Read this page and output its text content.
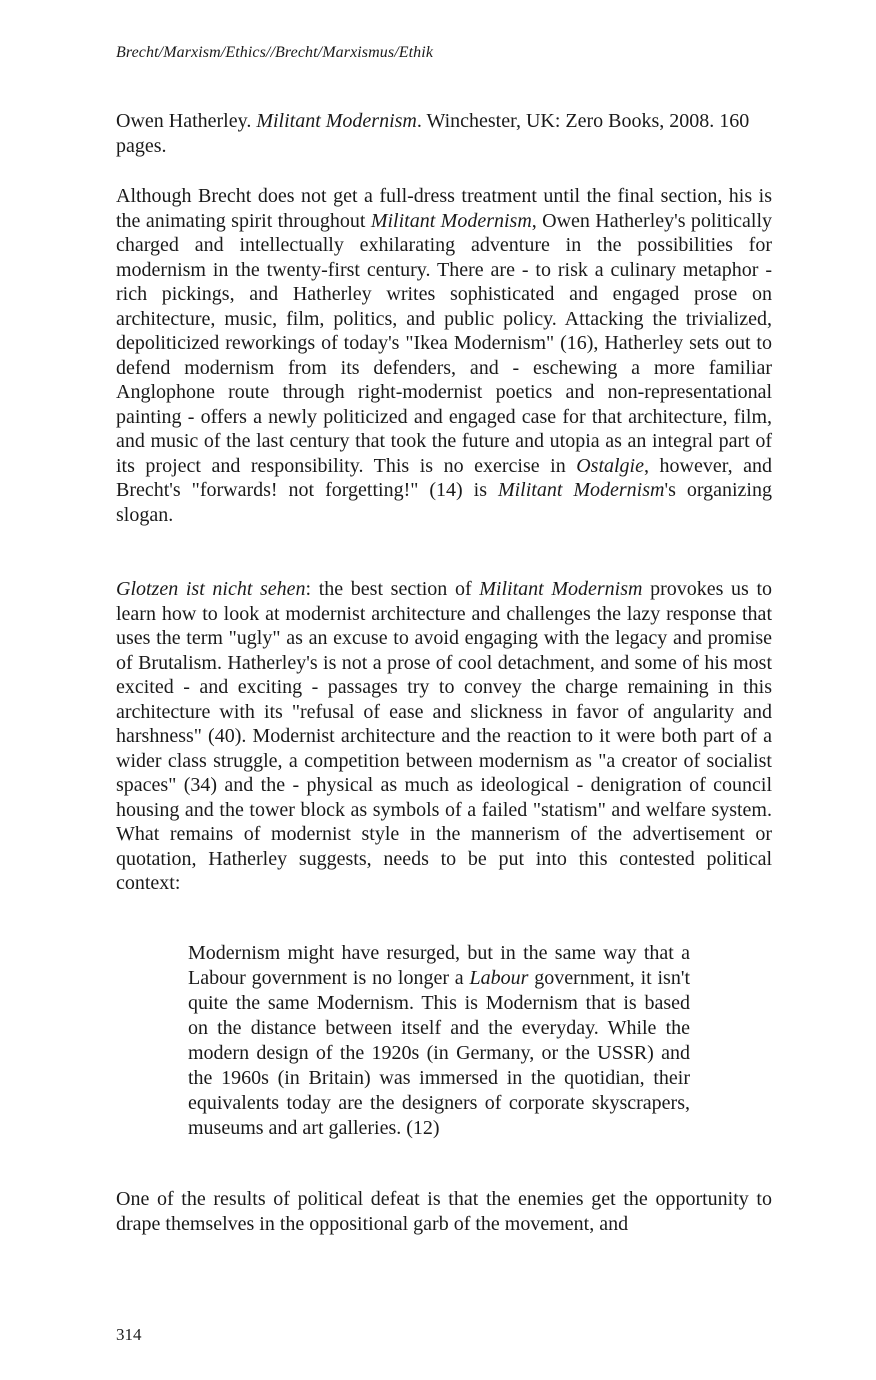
Brecht/Marxism/Ethics//Brecht/Marxismus/Ethik
Owen Hatherley. Militant Modernism. Winchester, UK: Zero Books, 2008. 160 pages.
Although Brecht does not get a full-dress treatment until the final section, his is the animating spirit throughout Militant Modernism, Owen Hatherley's politically charged and intellectually exhilarating adventure in the possibilities for modernism in the twenty-first century. There are - to risk a culinary metaphor - rich pickings, and Hatherley writes sophisticated and engaged prose on architecture, music, film, politics, and public policy. Attacking the trivialized, depoliticized reworkings of today's "Ikea Modernism" (16), Hatherley sets out to defend modernism from its defenders, and - eschewing a more familiar Anglophone route through right-modernist poetics and non-representational painting - offers a newly politicized and engaged case for that architecture, film, and music of the last century that took the future and utopia as an integral part of its project and responsibility. This is no exercise in Ostalgie, however, and Brecht's "forwards! not forgetting!" (14) is Militant Modernism's organizing slogan.
Glotzen ist nicht sehen: the best section of Militant Modernism provokes us to learn how to look at modernist architecture and challenges the lazy response that uses the term "ugly" as an excuse to avoid engaging with the legacy and promise of Brutalism. Hatherley's is not a prose of cool detachment, and some of his most excited - and exciting - passages try to convey the charge remaining in this architecture with its "refusal of ease and slickness in favor of angularity and harshness" (40). Modernist architecture and the reaction to it were both part of a wider class struggle, a competition between modernism as "a creator of socialist spaces" (34) and the - physical as much as ideological - denigration of council housing and the tower block as symbols of a failed "statism" and welfare system. What remains of modernist style in the mannerism of the advertisement or quotation, Hatherley suggests, needs to be put into this contested political context:
Modernism might have resurged, but in the same way that a Labour government is no longer a Labour government, it isn't quite the same Modernism. This is Modernism that is based on the distance between itself and the everyday. While the modern design of the 1920s (in Germany, or the USSR) and the 1960s (in Britain) was immersed in the quotidian, their equivalents today are the designers of corporate skyscrapers, museums and art galleries. (12)
One of the results of political defeat is that the enemies get the opportunity to drape themselves in the oppositional garb of the movement, and
314
